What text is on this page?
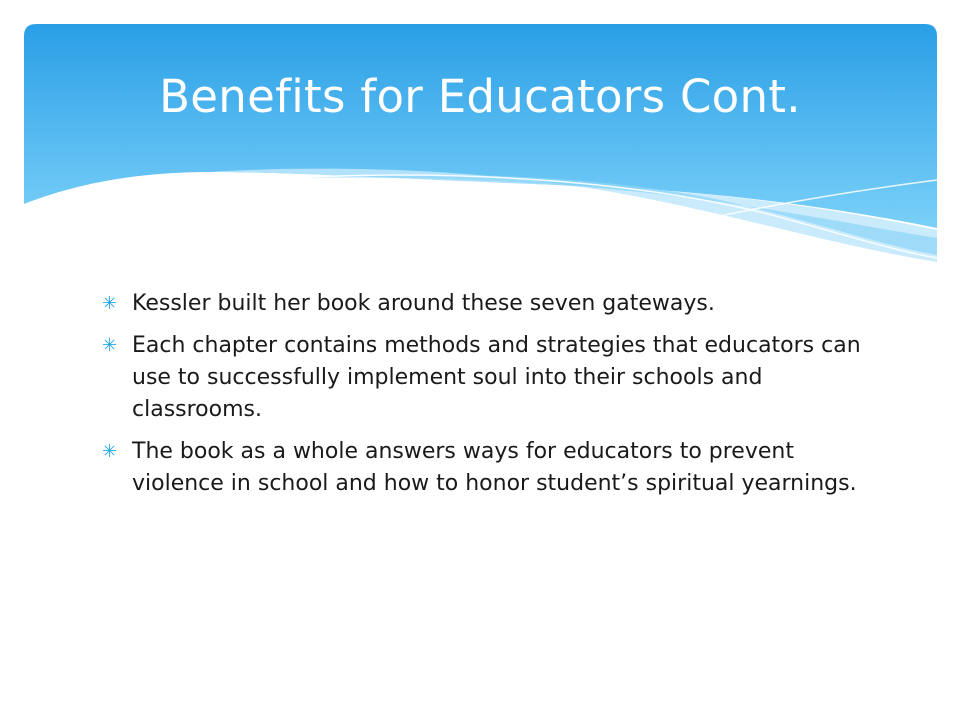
Benefits for Educators Cont.
✳ Kessler built her book around these seven gateways.
✳ Each chapter contains methods and strategies that educators can use to successfully implement soul into their schools and classrooms.
✳ The book as a whole answers ways for educators to prevent violence in school and how to honor student’s spiritual yearnings.
